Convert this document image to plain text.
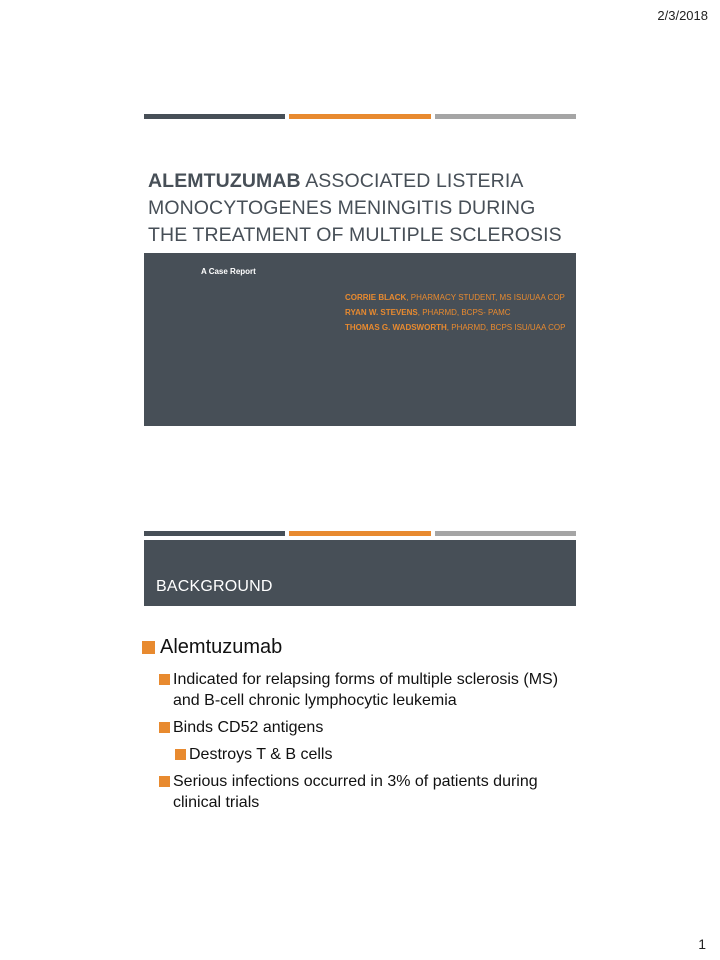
2/3/2018
ALEMTUZUMAB ASSOCIATED LISTERIA MONOCYTOGENES MENINGITIS DURING THE TREATMENT OF MULTIPLE SCLEROSIS
A Case Report
CORRIE BLACK, PHARMACY STUDENT, MS ISU/UAA COP
RYAN W. STEVENS, PHARMD, BCPS- PAMC
THOMAS G. WADSWORTH, PHARMD, BCPS ISU/UAA COP
BACKGROUND
Alemtuzumab
Indicated for relapsing forms of multiple sclerosis (MS) and B-cell chronic lymphocytic leukemia
Binds CD52 antigens
Destroys T & B cells
Serious infections occurred in 3% of patients during clinical trials
1
